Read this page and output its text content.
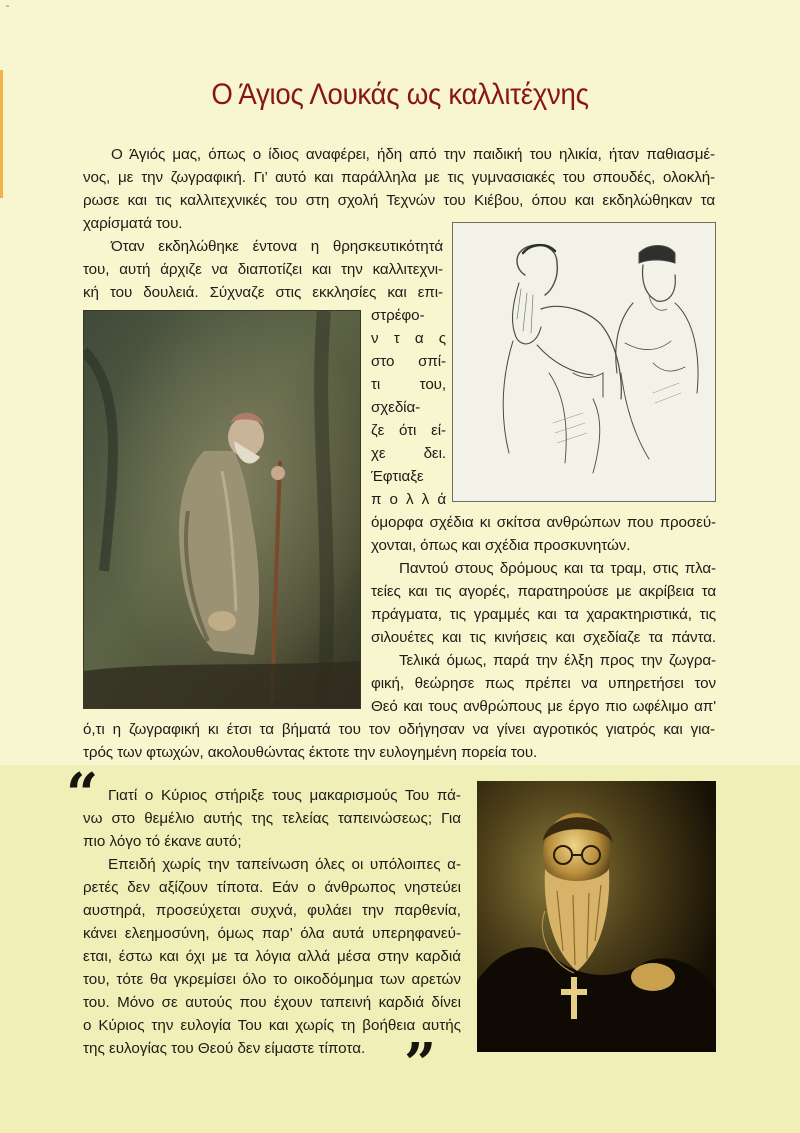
-
Ο Άγιος Λουκάς ως καλλιτέχνης
Ο Άγιός μας, όπως ο ίδιος αναφέρει, ήδη από την παιδική του ηλικία, ήταν παθιασμέ-
νος, με την ζωγραφική. Γι’ αυτό και παράλληλα με τις γυμνασιακές του σπουδές, ολοκλή-
ρωσε και τις καλλιτεχνικές του στη σχολή Τεχνών του Κιέβου, όπου και εκδηλώθηκαν τα
χαρίσματά του.
Όταν εκδηλώθηκε έντονα η θρησκευτικότητά
του, αυτή άρχιζε να διαποτίζει και την καλλιτεχνι-
κή του δουλειά. Σύχναζε στις εκκλησίες και επι-
στρέφο-
ν τ α ς
στο σπί-
τι του,
σχεδία-
ζε ότι εί-
χε δει.
Έφτιαξε
π ο λ λ ά
όμορφα σχέδια κι σκίτσα ανθρώπων που προσεύ-
χονται, όπως και σχέδια προσκυνητών.
Παντού στους δρόμους και τα τραμ, στις πλα-
τείες και τις αγορές, παρατηρούσε με ακρίβεια τα
πράγματα, τις γραμμές και τα χαρακτηριστικά, τις
σιλουέτες και τις κινήσεις και σχεδίαζε τα πάντα.
Τελικά όμως, παρά την έλξη προς την ζωγρα-
φική, θεώρησε πως πρέπει να υπηρετήσει τον
Θεό και τους ανθρώπους με έργο πιο ωφέλιμο απ'
ό,τι η ζωγραφική κι έτσι τα βήματά του τον οδήγησαν να γίνει αγροτικός γιατρός και για-
τρός των φτωχών, ακολουθώντας έκτοτε την ευλογημένη πορεία του.
“ Γιατί ο Κύριος στήριξε τους μακαρισμούς Του πά-
νω στο θεμέλιο αυτής της τελείας ταπεινώσεως; Για
πιο λόγο τό έκανε αυτό;
Επειδή χωρίς την ταπείνωση όλες οι υπόλοιπες α-
ρετές δεν αξίζουν τίποτα. Εάν ο άνθρωπος νηστεύει
αυστηρά, προσεύχεται συχνά, φυλάει την παρθενία,
κάνει ελεημοσύνη, όμως παρ’ όλα αυτά υπερηφανεύ-
εται, έστω και όχι με τα λόγια αλλά μέσα στην καρδιά
του, τότε θα γκρεμίσει όλο το οικοδόμημα των αρετών
του. Μόνο σε αυτούς που έχουν ταπεινή καρδιά δίνει
ο Κύριος την ευλογία Του και χωρίς τη βοήθεια αυτής
της ευλογίας του Θεού δεν είμαστε τίποτα. ”
